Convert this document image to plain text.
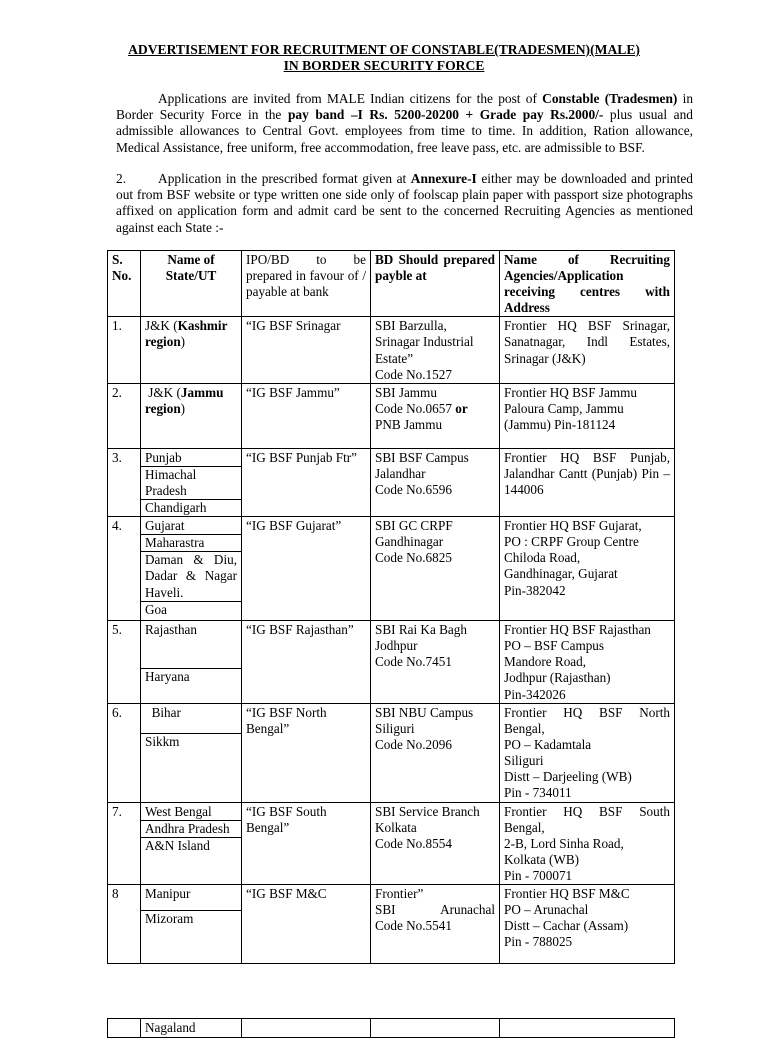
ADVERTISEMENT FOR RECRUITMENT OF CONSTABLE(TRADESMEN)(MALE)
IN BORDER SECURITY FORCE
Applications are invited from MALE Indian citizens for the post of Constable (Tradesmen) in Border Security Force in the pay band –I Rs. 5200-20200 + Grade pay Rs.2000/- plus usual and admissible allowances to Central Govt. employees from time to time. In addition, Ration allowance, Medical Assistance, free uniform, free accommodation, free leave pass, etc. are admissible to BSF.
2. Application in the prescribed format given at Annexure-I either may be downloaded and printed out from BSF website or type written one side only of foolscap plain paper with passport size photographs affixed on application form and admit card be sent to the concerned Recruiting Agencies as mentioned against each State :-
S. No.	Name of State/UT	IPO/BD to be prepared in favour of / payable at bank	BD Should prepared payble at	Name of Recruiting Agencies/Application receiving centres with Address
1.	J&K (Kashmir region)	“IG BSF Srinagar	SBI Barzulla,
Srinagar Industrial
Estate”
Code No.1527	Frontier HQ BSF Srinagar, Sanatnagar, Indl Estates, Srinagar (J&K)
2.	J&K (Jammu region)	“IG BSF Jammu”	SBI Jammu
Code No.0657 or
PNB Jammu	Frontier HQ BSF Jammu
Paloura Camp, Jammu
(Jammu) Pin-181124

3.	Punjab
Himachal Pradesh
Chandigarh	“IG BSF Punjab Ftr”	SBI BSF Campus
Jalandhar
Code No.6596	Frontier HQ BSF Punjab, Jalandhar Cantt (Punjab) Pin – 144006
4.	Gujarat
Maharastra
Daman & Diu, Dadar & Nagar Haveli.
Goa	“IG BSF Gujarat”	SBI GC CRPF
Gandhinagar
Code No.6825	Frontier HQ BSF Gujarat,
PO : CRPF Group Centre
Chiloda Road,
Gandhinagar, Gujarat
Pin-382042

5.	Rajasthan
Haryana	“IG BSF Rajasthan”	SBI Rai Ka Bagh
Jodhpur
Code No.7451	Frontier HQ BSF Rajasthan
PO – BSF Campus
Mandore Road,
Jodhpur (Rajasthan)
Pin-342026

6.	Bihar
Sikkm	“IG BSF North Bengal”	SBI NBU Campus
Siliguri
Code No.2096	Frontier HQ BSF North Bengal,
PO – Kadamtala
Siliguri
Distt – Darjeeling (WB)
Pin - 734011

7.	West Bengal
Andhra Pradesh
A&N Island	“IG BSF South Bengal”	SBI Service Branch
Kolkata
Code No.8554	Frontier HQ BSF South Bengal,
2-B, Lord Sinha Road,
Kolkata (WB)
Pin - 700071

8	Manipur
Mizoram	“IG BSF M&C	Frontier”
SBI Arunachal
Code No.5541	Frontier HQ BSF M&C
PO – Arunachal
Distt – Cachar (Assam)
Pin - 788025
	Nagaland			
